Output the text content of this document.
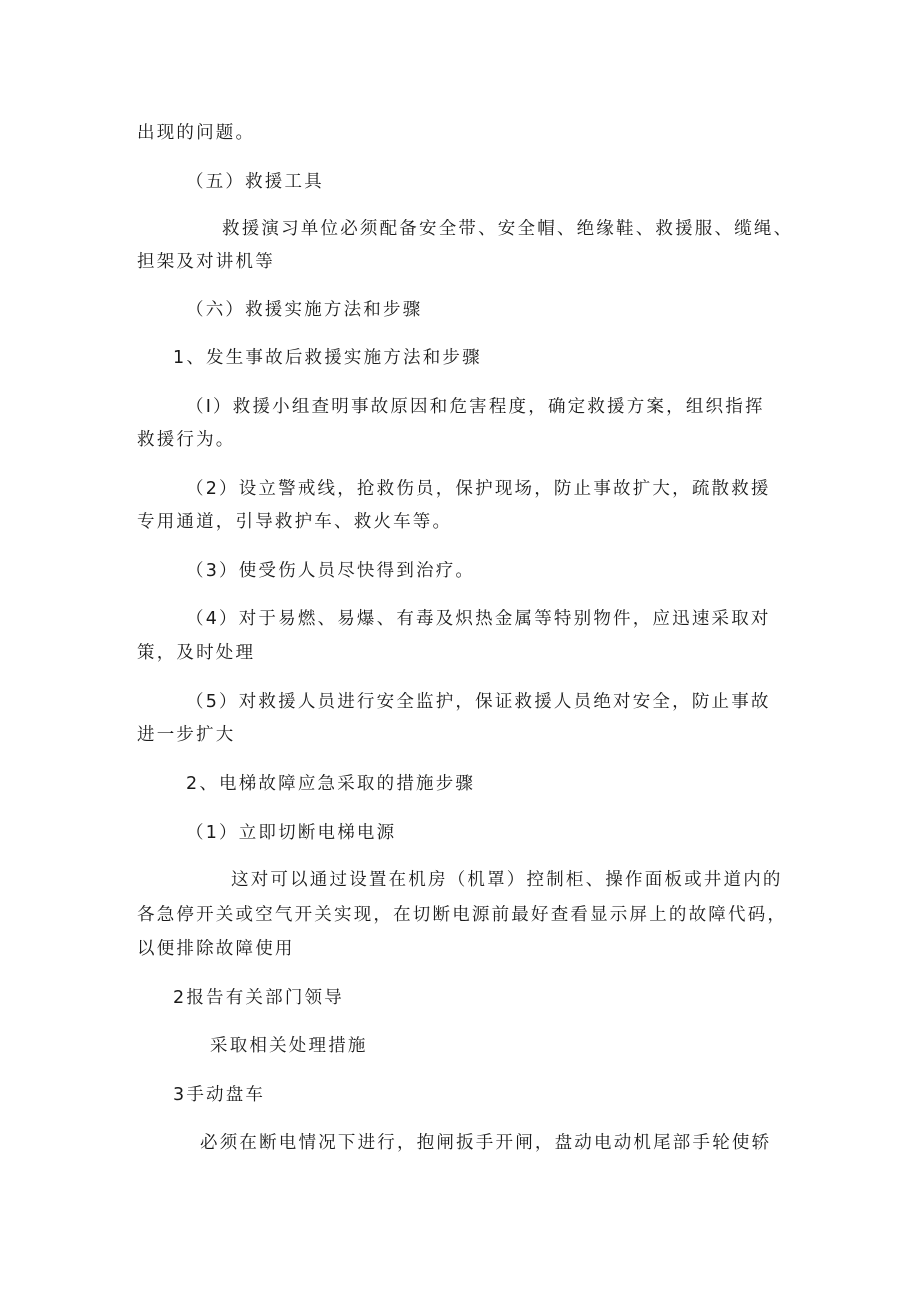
出现的问题。
（五）救援工具
救援演习单位必须配备安全带、安全帽、绝缘鞋、救援服、缆绳、
担架及对讲机等
（六）救援实施方法和步骤
1、发生事故后救援实施方法和步骤
（I）救援小组查明事故原因和危害程度，确定救援方案，组织指挥
救援行为。
（2）设立警戒线，抢救伤员，保护现场，防止事故扩大，疏散救援
专用通道，引导救护车、救火车等。
（3）使受伤人员尽快得到治疗。
（4）对于易燃、易爆、有毒及炽热金属等特别物件，应迅速采取对
策，及时处理
（5）对救援人员进行安全监护，保证救援人员绝对安全，防止事故
进一步扩大
2、电梯故障应急采取的措施步骤
（1）立即切断电梯电源
这对可以通过设置在机房（机罩）控制柜、操作面板或井道内的
各急停开关或空气开关实现，在切断电源前最好查看显示屏上的故障代码，
以便排除故障使用
2报告有关部门领导
采取相关处理措施
3手动盘车
必须在断电情况下进行，抱闸扳手开闸，盘动电动机尾部手轮使轿
